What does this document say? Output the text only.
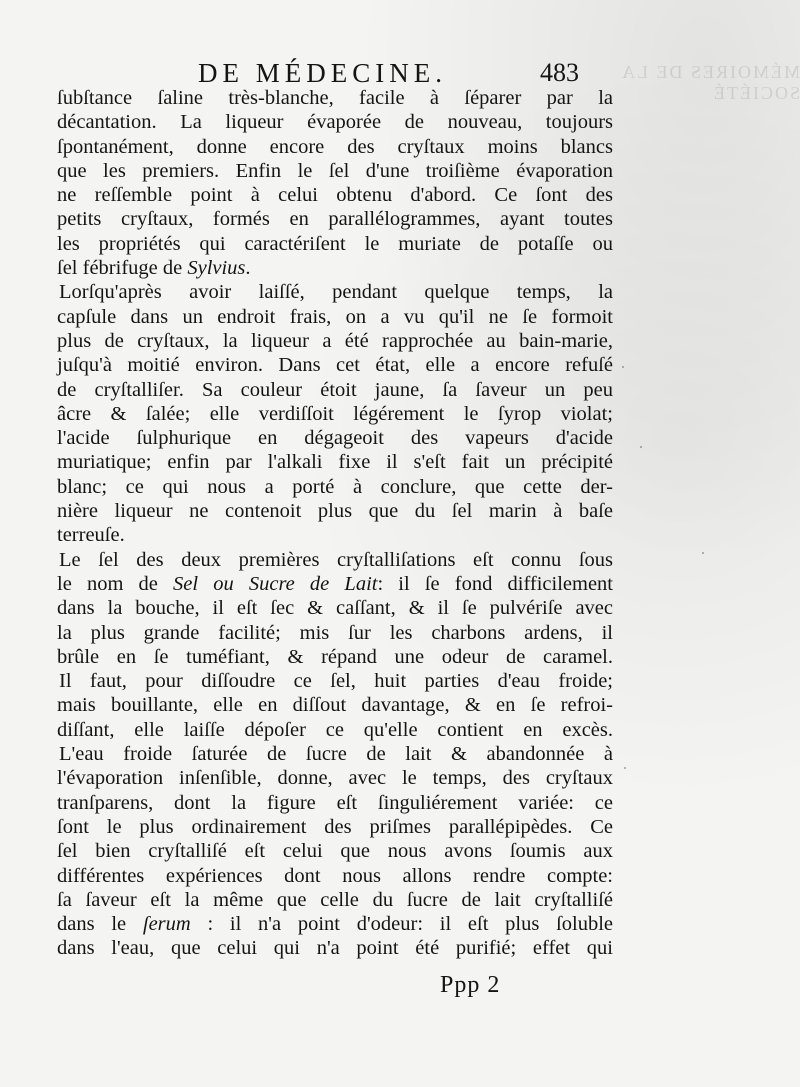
MÉMOIRES DE LA SOCIÉTÉ
DE MÉDECINE.	483
ſubſtance ſaline très-blanche, facile à ſéparer par la
décantation. La liqueur évaporée de nouveau, toujours
ſpontanément, donne encore des cryſtaux moins blancs
que les premiers. Enfin le ſel d'une troiſième évaporation
ne reſſemble point à celui obtenu d'abord. Ce ſont des
petits cryſtaux, formés en parallélogrammes, ayant toutes
les propriétés qui caractériſent le muriate de potaſſe ou
ſel fébrifuge de Sylvius.
Lorſqu'après avoir laiſſé, pendant quelque temps, la
capſule dans un endroit frais, on a vu qu'il ne ſe formoit
plus de cryſtaux, la liqueur a été rapprochée au bain-marie,
juſqu'à moitié environ. Dans cet état, elle a encore refuſé
de cryſtalliſer. Sa couleur étoit jaune, ſa ſaveur un peu
âcre & ſalée; elle verdiſſoit légérement le ſyrop violat;
l'acide ſulphurique en dégageoit des vapeurs d'acide
muriatique; enfin par l'alkali fixe il s'eſt fait un précipité
blanc; ce qui nous a porté à conclure, que cette der-
nière liqueur ne contenoit plus que du ſel marin à baſe
terreuſe.
Le ſel des deux premières cryſtalliſations eſt connu ſous
le nom de Sel ou Sucre de Lait: il ſe fond difficilement
dans la bouche, il eſt ſec & caſſant, & il ſe pulvériſe avec
la plus grande facilité; mis ſur les charbons ardens, il
brûle en ſe tuméfiant, & répand une odeur de caramel.
Il faut, pour diſſoudre ce ſel, huit parties d'eau froide;
mais bouillante, elle en diſſout davantage, & en ſe refroi-
diſſant, elle laiſſe dépoſer ce qu'elle contient en excès.
L'eau froide ſaturée de ſucre de lait & abandonnée à
l'évaporation inſenſible, donne, avec le temps, des cryſtaux
tranſparens, dont la figure eſt ſinguliérement variée: ce
ſont le plus ordinairement des priſmes parallépipèdes. Ce
ſel bien cryſtalliſé eſt celui que nous avons ſoumis aux
différentes expériences dont nous allons rendre compte:
ſa ſaveur eſt la même que celle du ſucre de lait cryſtalliſé
dans le ſerum : il n'a point d'odeur: il eſt plus ſoluble
dans l'eau, que celui qui n'a point été purifié; effet qui
Ppp 2
